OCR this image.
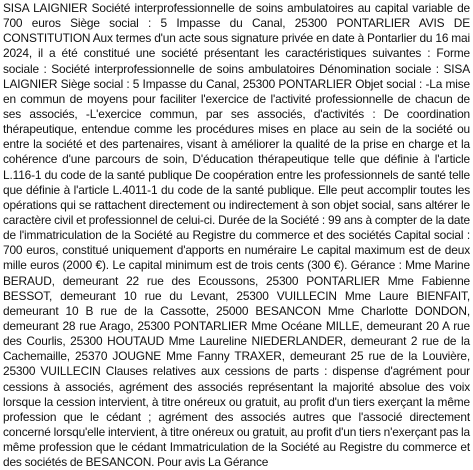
SISA LAIGNIER Société interprofessionnelle de soins ambulatoires au capital variable de 700 euros Siège social : 5 Impasse du Canal, 25300 PONTARLIER AVIS DE CONSTITUTION Aux termes d'un acte sous signature privée en date à Pontarlier du 16 mai 2024, il a été constitué une société présentant les caractéristiques suivantes : Forme sociale : Société interprofessionnelle de soins ambulatoires Dénomination sociale : SISA LAIGNIER Siège social : 5 Impasse du Canal, 25300 PONTARLIER Objet social : -La mise en commun de moyens pour faciliter l'exercice de l'activité professionnelle de chacun de ses associés, -L'exercice commun, par ses associés, d'activités : De coordination thérapeutique, entendue comme les procédures mises en place au sein de la société ou entre la société et des partenaires, visant à améliorer la qualité de la prise en charge et la cohérence d'une parcours de soin, D'éducation thérapeutique telle que définie à l'article L.116-1 du code de la santé publique De coopération entre les professionnels de santé telle que définie à l'article L.4011-1 du code de la santé publique. Elle peut accomplir toutes les opérations qui se rattachent directement ou indirectement à son objet social, sans altérer le caractère civil et professionnel de celui-ci. Durée de la Société : 99 ans à compter de la date de l'immatriculation de la Société au Registre du commerce et des sociétés Capital social : 700 euros, constitué uniquement d'apports en numéraire Le capital maximum est de deux mille euros (2000 €). Le capital minimum est de trois cents (300 €). Gérance : Mme Marine BERAUD, demeurant 22 rue des Ecoussons, 25300 PONTARLIER Mme Fabienne BESSOT, demeurant 10 rue du Levant, 25300 VUILLECIN Mme Laure BIENFAIT, demeurant 10 B rue de la Cassotte, 25000 BESANCON Mme Charlotte DONDON, demeurant 28 rue Arago, 25300 PONTARLIER Mme Océane MILLE, demeurant 20 A rue des Courlis, 25300 HOUTAUD Mme Laureline NIEDERLANDER, demeurant 2 rue de la Cachemaille, 25370 JOUGNE Mme Fanny TRAXER, demeurant 25 rue de la Louvière, 25300 VUILLECIN Clauses relatives aux cessions de parts : dispense d'agrément pour cessions à associés, agrément des associés représentant la majorité absolue des voix lorsque la cession intervient, à titre onéreux ou gratuit, au profit d'un tiers exerçant la même profession que le cédant ; agrément des associés autres que l'associé directement concerné lorsqu'elle intervient, à titre onéreux ou gratuit, au profit d'un tiers n'exerçant pas la même profession que le cédant Immatriculation de la Société au Registre du commerce et des sociétés de BESANCON. Pour avis La Gérance
